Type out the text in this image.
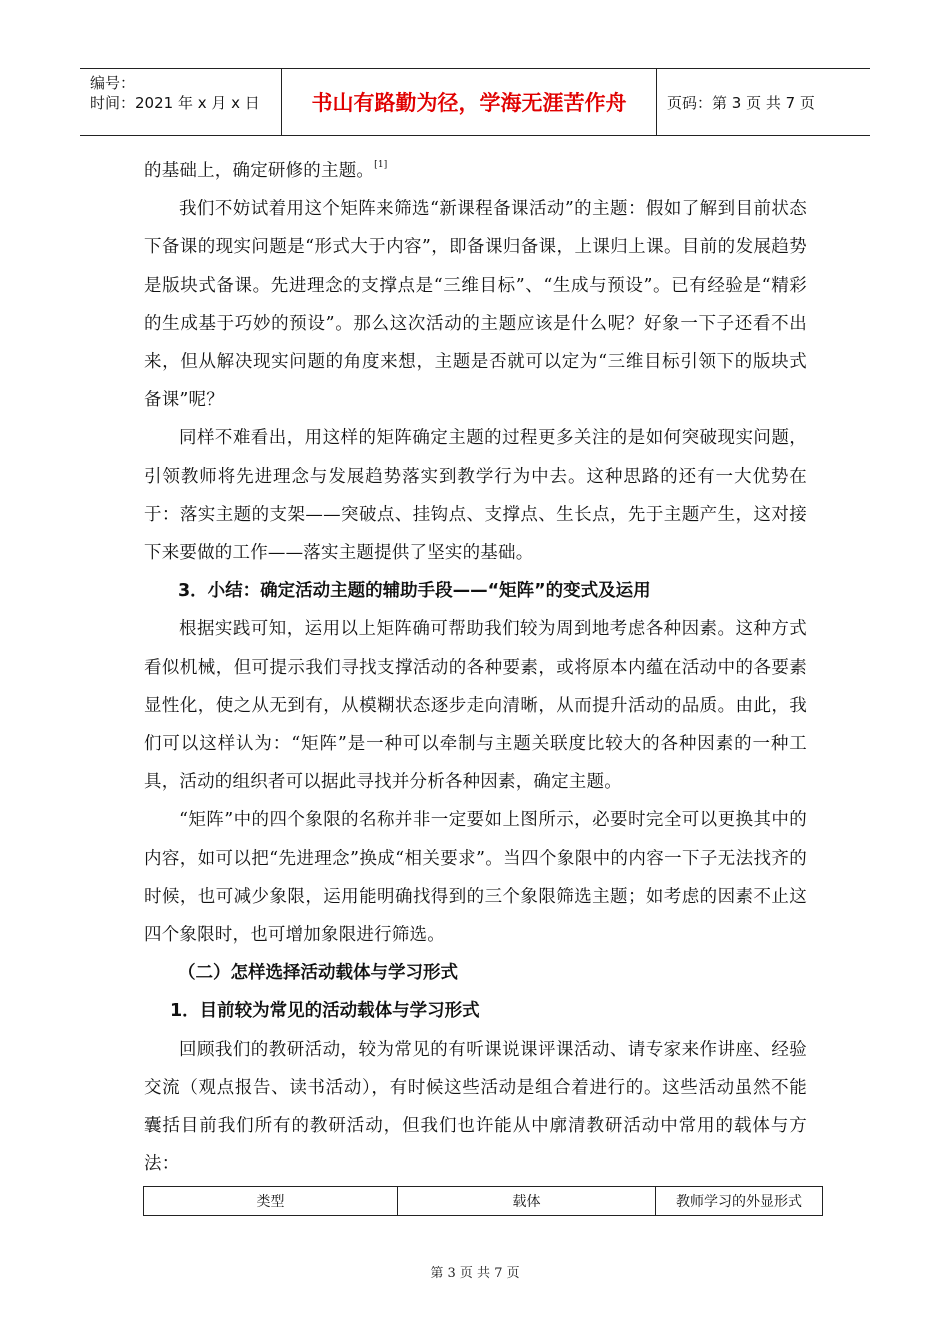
编号：
时间：2021 年 x 月 x 日	书山有路勤为径，学海无涯苦作舟	页码：第 3 页 共 7 页

的基础上，确定研修的主题。[1]

我们不妨试着用这个矩阵来筛选“新课程备课活动”的主题：假如了解到目前状态下备课的现实问题是“形式大于内容”，即备课归备课，上课归上课。目前的发展趋势是版块式备课。先进理念的支撑点是“三维目标”、“生成与预设”。已有经验是“精彩的生成基于巧妙的预设”。那么这次活动的主题应该是什么呢？好象一下子还看不出来，但从解决现实问题的角度来想，主题是否就可以定为“三维目标引领下的版块式备课”呢？

同样不难看出，用这样的矩阵确定主题的过程更多关注的是如何突破现实问题，引领教师将先进理念与发展趋势落实到教学行为中去。这种思路的还有一大优势在于：落实主题的支架——突破点、挂钩点、支撑点、生长点，先于主题产生，这对接下来要做的工作——落实主题提供了坚实的基础。

3．小结：确定活动主题的辅助手段——“矩阵”的变式及运用

根据实践可知，运用以上矩阵确可帮助我们较为周到地考虑各种因素。这种方式看似机械，但可提示我们寻找支撑活动的各种要素，或将原本内蕴在活动中的各要素显性化，使之从无到有，从模糊状态逐步走向清晰，从而提升活动的品质。由此，我们可以这样认为：“矩阵”是一种可以牵制与主题关联度比较大的各种因素的一种工具，活动的组织者可以据此寻找并分析各种因素，确定主题。

“矩阵”中的四个象限的名称并非一定要如上图所示，必要时完全可以更换其中的内容，如可以把“先进理念”换成“相关要求”。当四个象限中的内容一下子无法找齐的时候，也可减少象限，运用能明确找得到的三个象限筛选主题；如考虑的因素不止这四个象限时，也可增加象限进行筛选。

（二）怎样选择活动载体与学习形式

1．目前较为常见的活动载体与学习形式

回顾我们的教研活动，较为常见的有听课说课评课活动、请专家来作讲座、经验交流（观点报告、读书活动），有时候这些活动是组合着进行的。这些活动虽然不能囊括目前我们所有的教研活动，但我们也许能从中廓清教研活动中常用的载体与方法：

类型	载体	教师学习的外显形式
第 3 页 共 7 页
